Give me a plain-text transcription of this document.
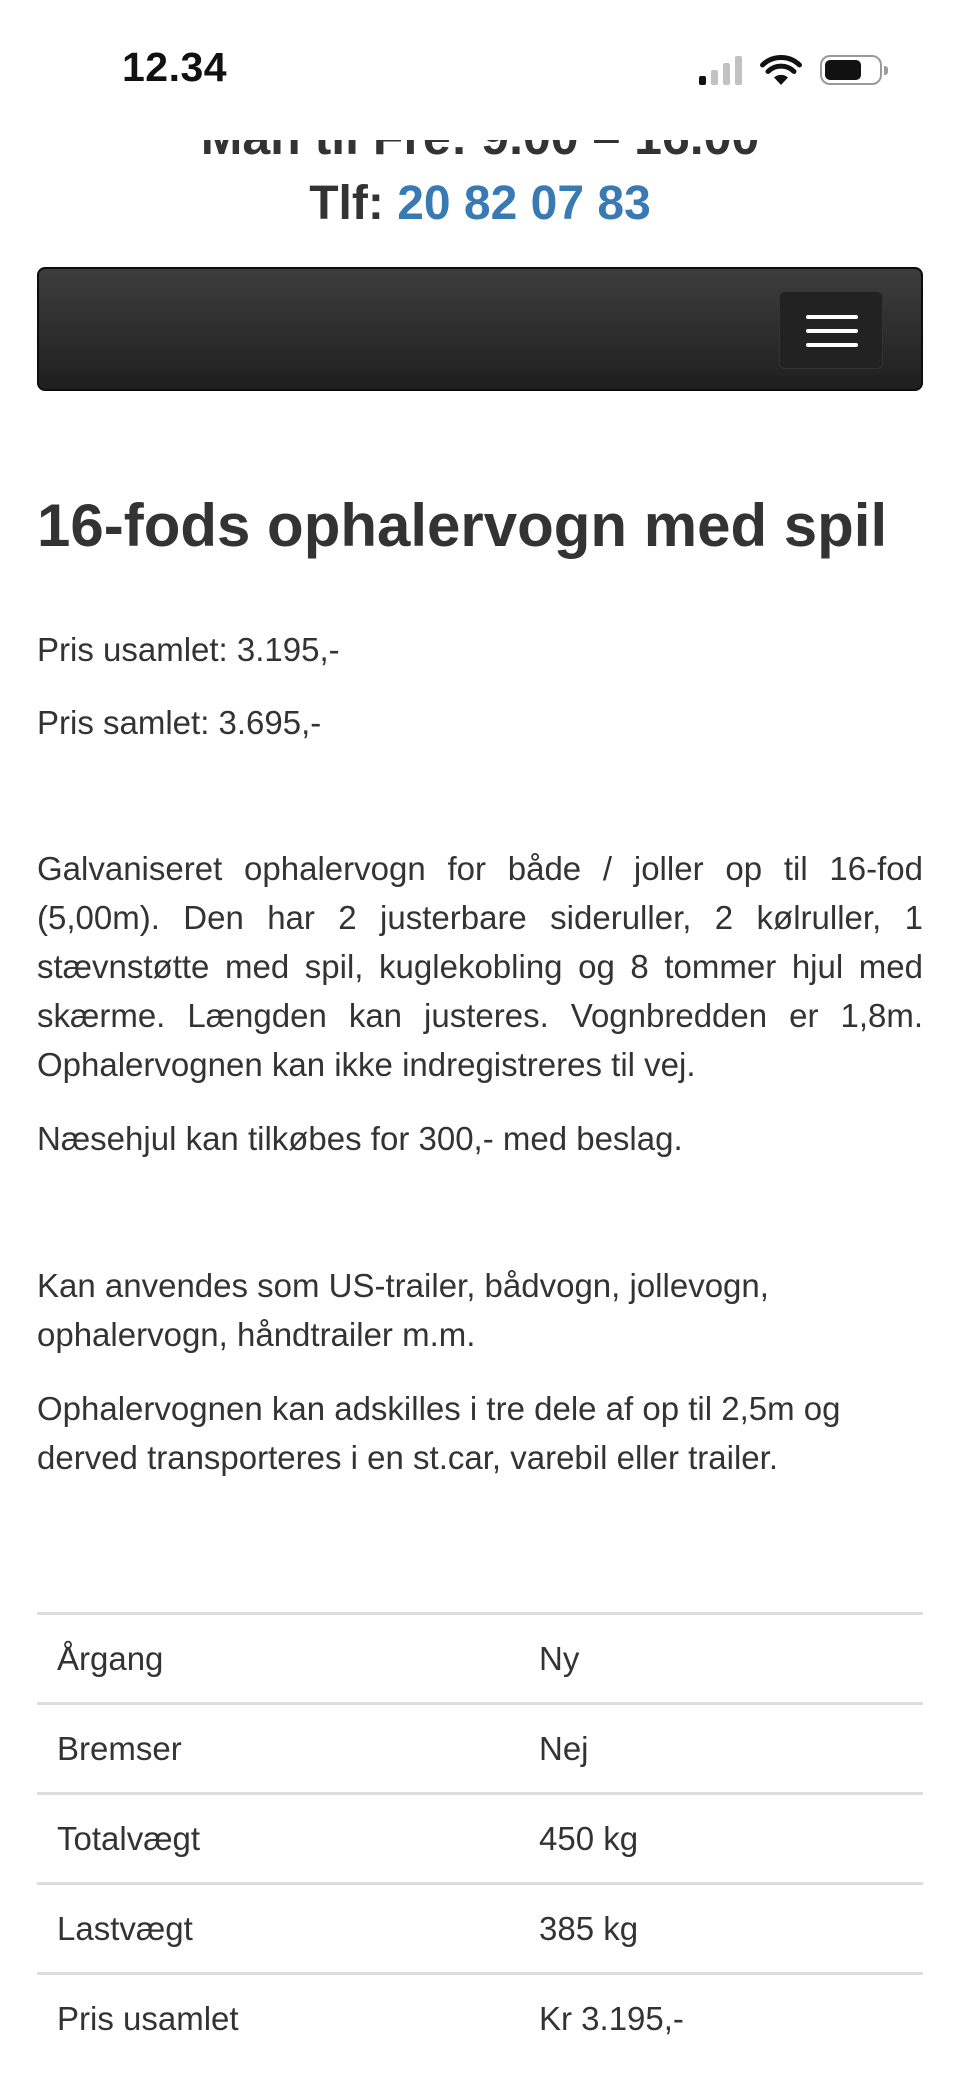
12.34
Tlf: 20 82 07 83
16-fods ophalervogn med spil

Pris usamlet: 3.195,-

Pris samlet: 3.695,-

Galvaniseret ophalervogn for både / joller op til 16-fod (5,00m). Den har 2 justerbare sideruller, 2 kølruller, 1 stævnstøtte med spil, kuglekobling og 8 tommer hjul med skærme. Længden kan justeres. Vognbredden er 1,8m. Ophalervognen kan ikke indregistreres til vej.

Næsehjul kan tilkøbes for 300,- med beslag.

Kan anvendes som US-trailer, bådvogn, jollevogn, ophalervogn, håndtrailer m.m.

Ophalervognen kan adskilles i tre dele af op til 2,5m og derved transporteres i en st.car, varebil eller trailer.

Årgang	Ny
Bremser	Nej
Totalvægt	450 kg
Lastvægt	385 kg
Pris usamlet	Kr 3.195,-
